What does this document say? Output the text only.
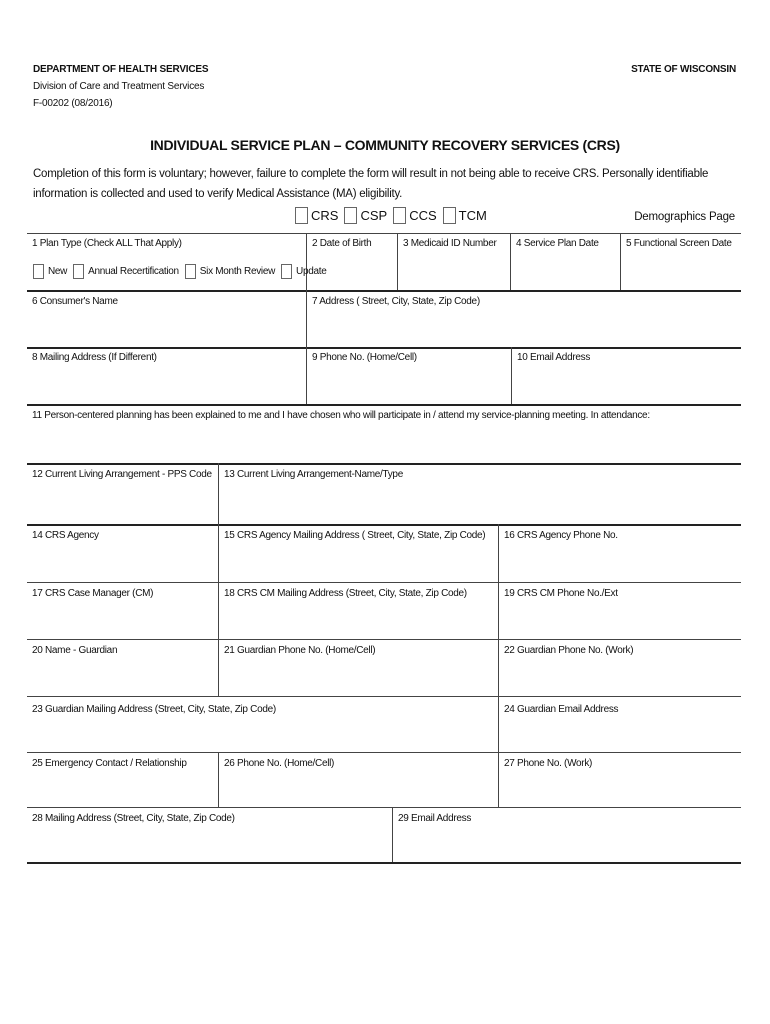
DEPARTMENT OF HEALTH SERVICES
Division of Care and Treatment Services
F-00202 (08/2016)
STATE OF WISCONSIN
INDIVIDUAL SERVICE PLAN – COMMUNITY RECOVERY SERVICES (CRS)
Completion of this form is voluntary; however, failure to complete the form will result in not being able to receive CRS. Personally identifiable information is collected and used to verify Medical Assistance (MA) eligibility.
CRS CSP CCS TCM	Demographics Page
1 Plan Type (Check ALL That Apply)	2 Date of Birth	3 Medicaid ID Number 4 Service Plan Date	5 Functional Screen Date
New Annual Recertification Six Month Review Update
6 Consumer's Name	7 Address ( Street, City, State, Zip Code)
8 Mailing Address (If Different)	9 Phone No. (Home/Cell)	10 Email Address
11 Person-centered planning has been explained to me and I have chosen who will participate in / attend my service-planning meeting. In attendance:
12 Current Living Arrangement - PPS Code 13 Current Living Arrangement-Name/Type
14 CRS Agency	15 CRS Agency Mailing Address ( Street, City, State, Zip Code) 16 CRS Agency Phone No.
17 CRS Case Manager (CM)	18 CRS CM Mailing Address (Street, City, State, Zip Code)	19 CRS CM Phone No./Ext
20 Name - Guardian	21 Guardian Phone No. (Home/Cell)	22 Guardian Phone No. (Work)
23 Guardian Mailing Address (Street, City, State, Zip Code)	24 Guardian Email Address
25 Emergency Contact / Relationship	26 Phone No. (Home/Cell)	27 Phone No. (Work)
28 Mailing Address (Street, City, State, Zip Code)	29 Email Address
